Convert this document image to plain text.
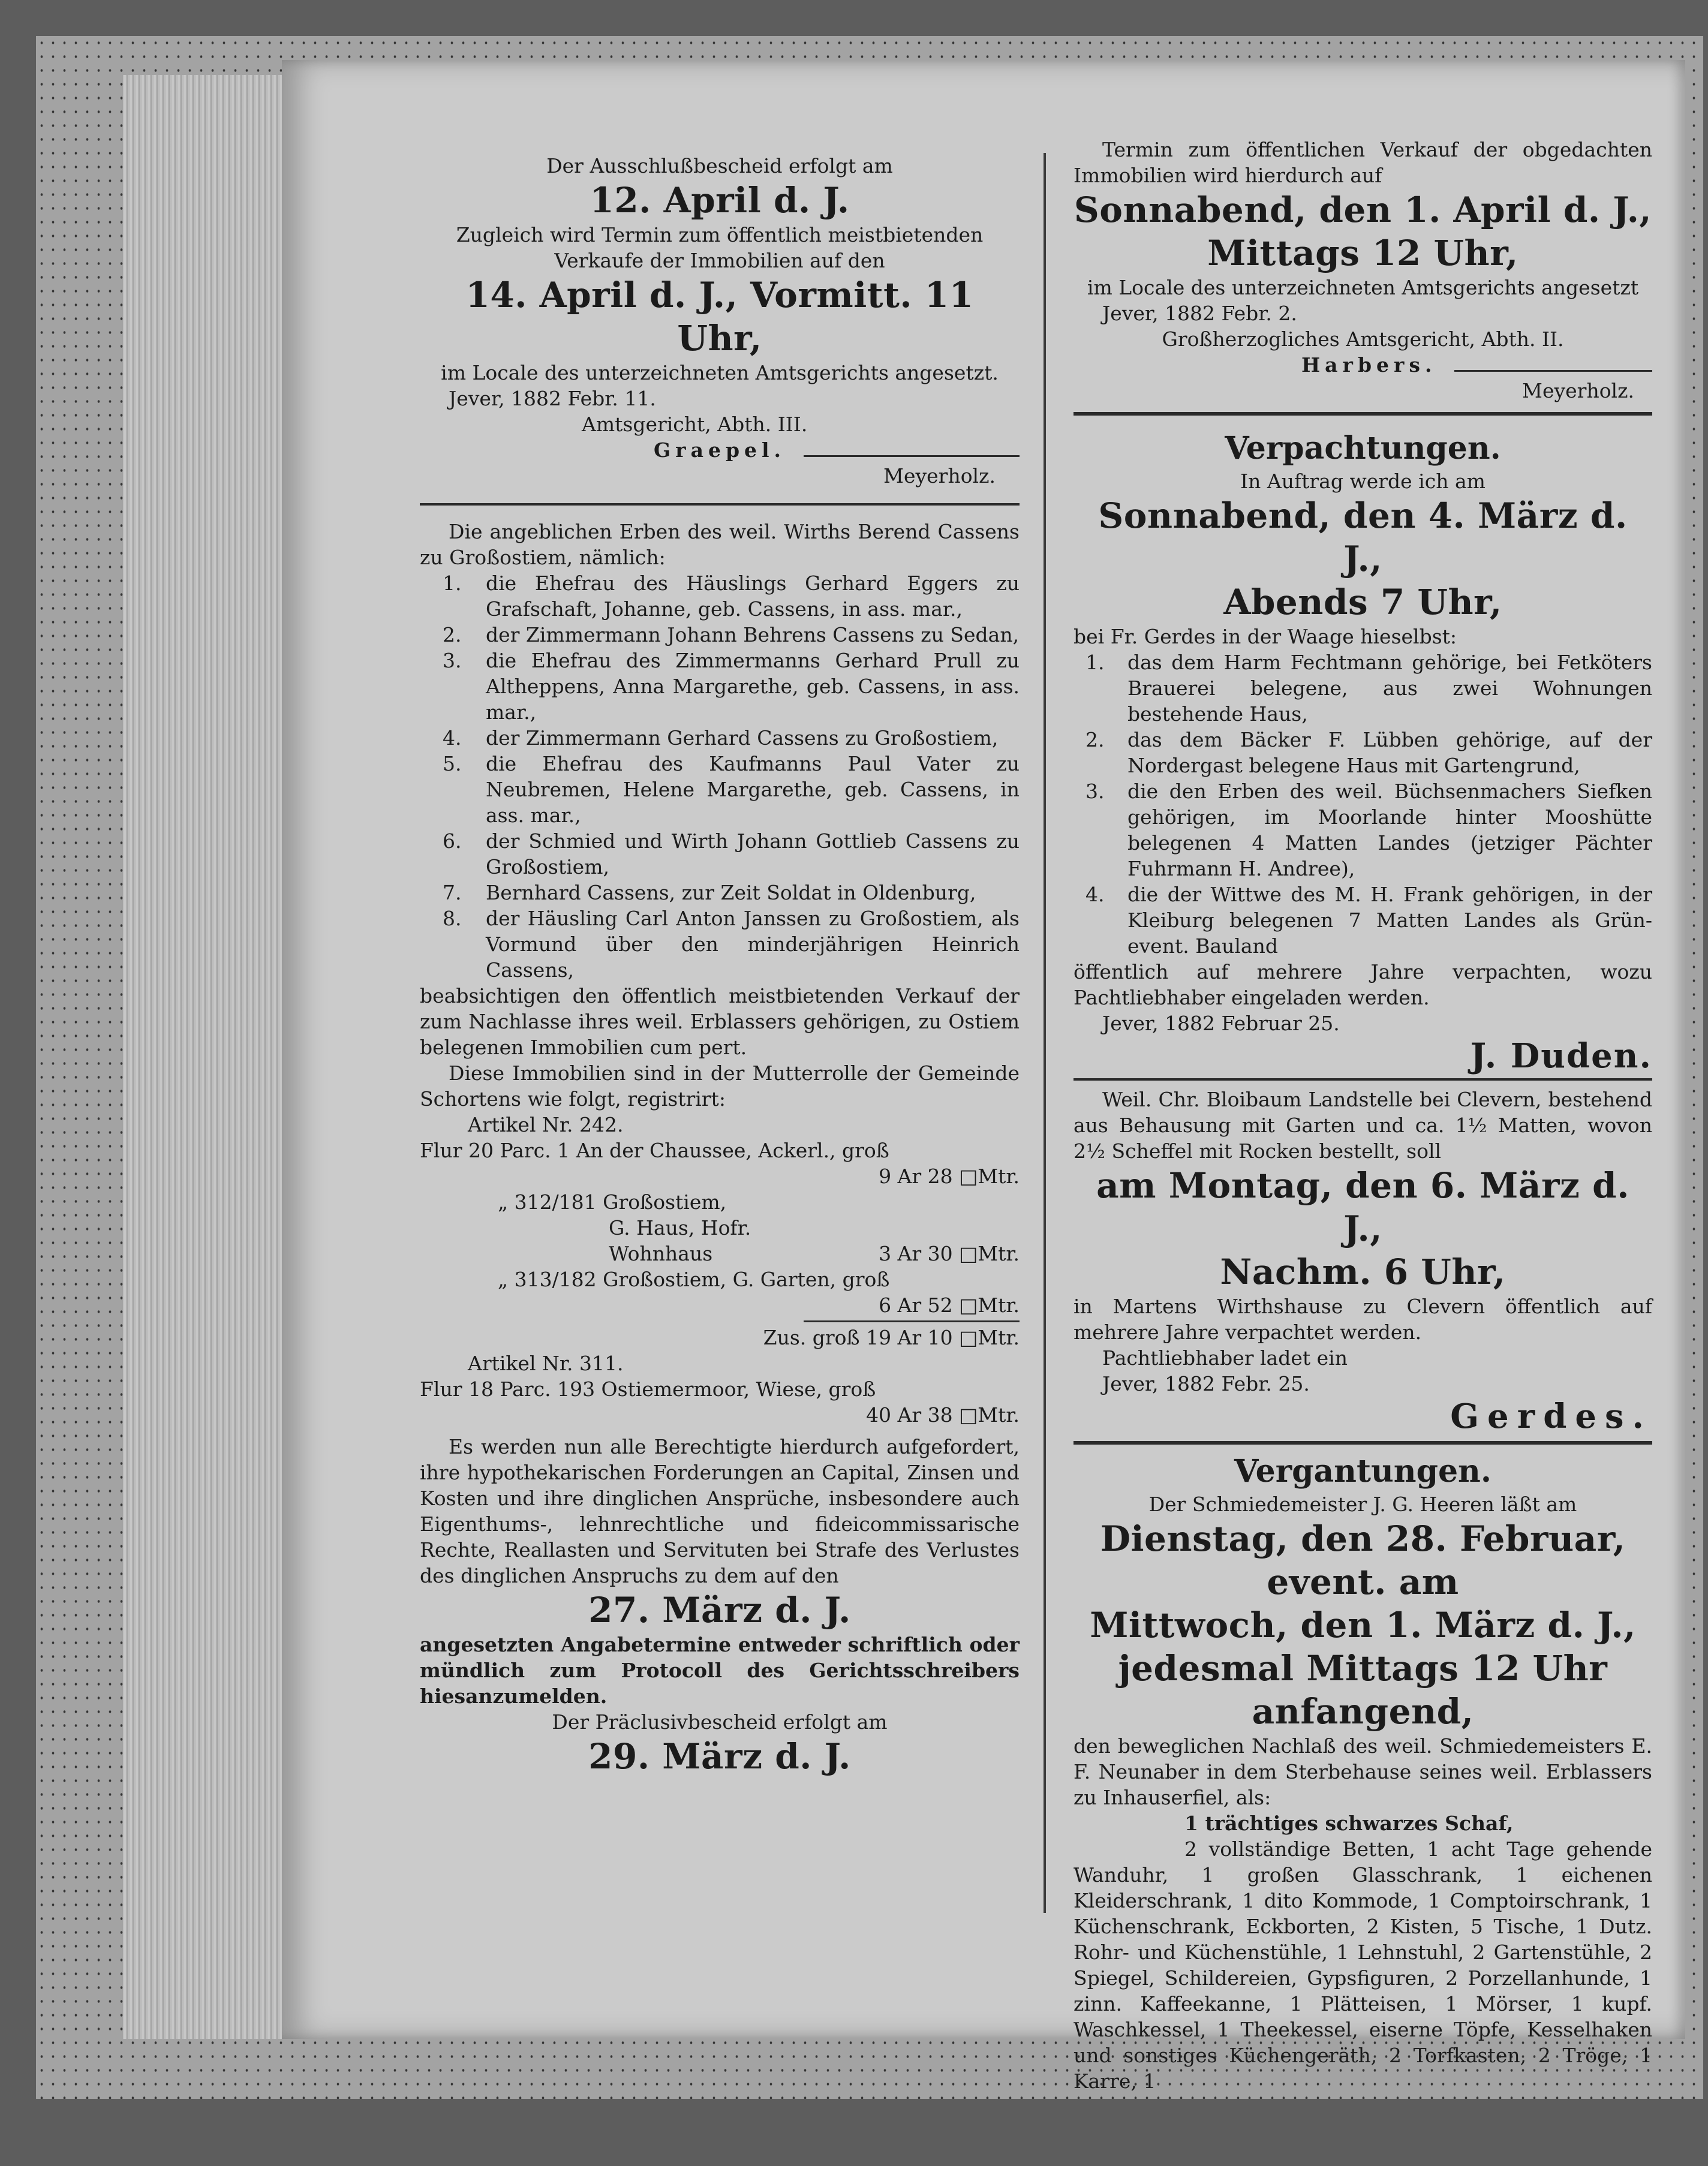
Der Ausschlußbescheid erfolgt am

12. April d. J.

Zugleich wird Termin zum öffentlich meistbietenden Verkaufe der Immobilien auf den

14. April d. J., Vormitt. 11 Uhr,

im Locale des unterzeichneten Amtsgerichts angesetzt.

Jever, 1882 Febr. 11.

Amtsgericht, Abth. III.

Graepel.

Meyerholz.

Die angeblichen Erben des weil. Wirths Berend Cassens zu Großostiem, nämlich:

1. die Ehefrau des Häuslings Gerhard Eggers zu Grafschaft, Johanne, geb. Cassens, in ass. mar.,
2. der Zimmermann Johann Behrens Cassens zu Sedan,
3. die Ehefrau des Zimmermanns Gerhard Prull zu Altheppens, Anna Margarethe, geb. Cassens, in ass. mar.,
4. der Zimmermann Gerhard Cassens zu Großostiem,
5. die Ehefrau des Kaufmanns Paul Vater zu Neubremen, Helene Margarethe, geb. Cassens, in ass. mar.,
6. der Schmied und Wirth Johann Gottlieb Cassens zu Großostiem,
7. Bernhard Cassens, zur Zeit Soldat in Oldenburg,
8. der Häusling Carl Anton Janssen zu Großostiem, als Vormund über den minderjährigen Heinrich Cassens,

beabsichtigen den öffentlich meistbietenden Verkauf der zum Nachlasse ihres weil. Erblassers gehörigen, zu Ostiem belegenen Immobilien cum pert.

Diese Immobilien sind in der Mutterrolle der Gemeinde Schortens wie folgt, registrirt:

Artikel Nr. 242.

Flur 20 Parc. 1 An der Chaussee, Ackerl., groß

9 Ar 28 □Mtr.

„ 312/181 Großostiem,

G. Haus, Hofr.

Wohnhaus	3 Ar 30 □Mtr.

„ 313/182 Großostiem, G. Garten, groß

6 Ar 52 □Mtr.

Zus. groß 19 Ar 10 □Mtr.

Artikel Nr. 311.

Flur 18 Parc. 193 Ostiemermoor, Wiese, groß

40 Ar 38 □Mtr.

Es werden nun alle Berechtigte hierdurch aufgefordert, ihre hypothekarischen Forderungen an Capital, Zinsen und Kosten und ihre dinglichen Ansprüche, insbesondere auch Eigenthums-, lehnrechtliche und fideicommissarische Rechte, Reallasten und Servituten bei Strafe des Verlustes des dinglichen Anspruchs zu dem auf den

27. März d. J.

angesetzten Angabetermine entweder schriftlich oder mündlich zum Protocoll des Gerichtsschreibers hiesanzumelden.

Der Präclusivbescheid erfolgt am

29. März d. J.

Termin zum öffentlichen Verkauf der obgedachten Immobilien wird hierdurch auf

Sonnabend, den 1. April d. J.,

Mittags 12 Uhr,

im Locale des unterzeichneten Amtsgerichts angesetzt

Jever, 1882 Febr. 2.

Großherzogliches Amtsgericht, Abth. II.

Harbers.

Meyerholz.

Verpachtungen.

In Auftrag werde ich am

Sonnabend, den 4. März d. J.,

Abends 7 Uhr,

bei Fr. Gerdes in der Waage hieselbst:

1. das dem Harm Fechtmann gehörige, bei Fetköters Brauerei belegene, aus zwei Wohnungen bestehende Haus,
2. das dem Bäcker F. Lübben gehörige, auf der Nordergast belegene Haus mit Gartengrund,
3. die den Erben des weil. Büchsenmachers Siefken gehörigen, im Moorlande hinter Mooshütte belegenen 4 Matten Landes (jetziger Pächter Fuhrmann H. Andree),
4. die der Wittwe des M. H. Frank gehörigen, in der Kleiburg belegenen 7 Matten Landes als Grün- event. Bauland

öffentlich auf mehrere Jahre verpachten, wozu Pachtliebhaber eingeladen werden.

Jever, 1882 Februar 25.

J. Duden.

Weil. Chr. Bloibaum Landstelle bei Clevern, bestehend aus Behausung mit Garten und ca. 1½ Matten, wovon 2½ Scheffel mit Rocken bestellt, soll

am Montag, den 6. März d. J.,

Nachm. 6 Uhr,

in Martens Wirthshause zu Clevern öffentlich auf mehrere Jahre verpachtet werden.

Pachtliebhaber ladet ein

Jever, 1882 Febr. 25.

Gerdes.

Vergantungen.

Der Schmiedemeister J. G. Heeren läßt am

Dienstag, den 28. Februar, event. am

Mittwoch, den 1. März d. J.,

jedesmal Mittags 12 Uhr anfangend,

den beweglichen Nachlaß des weil. Schmiedemeisters E. F. Neunaber in dem Sterbehause seines weil. Erblassers zu Inhauserfiel, als:

1 trächtiges schwarzes Schaf,

2 vollständige Betten, 1 acht Tage gehende Wanduhr, 1 großen Glasschrank, 1 eichenen Kleiderschrank, 1 dito Kommode, 1 Comptoirschrank, 1 Küchenschrank, Eckborten, 2 Kisten, 5 Tische, 1 Dutz. Rohr- und Küchenstühle, 1 Lehnstuhl, 2 Gartenstühle, 2 Spiegel, Schildereien, Gypsfiguren, 2 Porzellanhunde, 1 zinn. Kaffeekanne, 1 Plätteisen, 1 Mörser, 1 kupf. Waschkessel, 1 Theekessel, eiserne Töpfe, Kesselhaken und sonstiges Küchengeräth, 2 Torfkasten, 2 Tröge, 1 Karre, 1
